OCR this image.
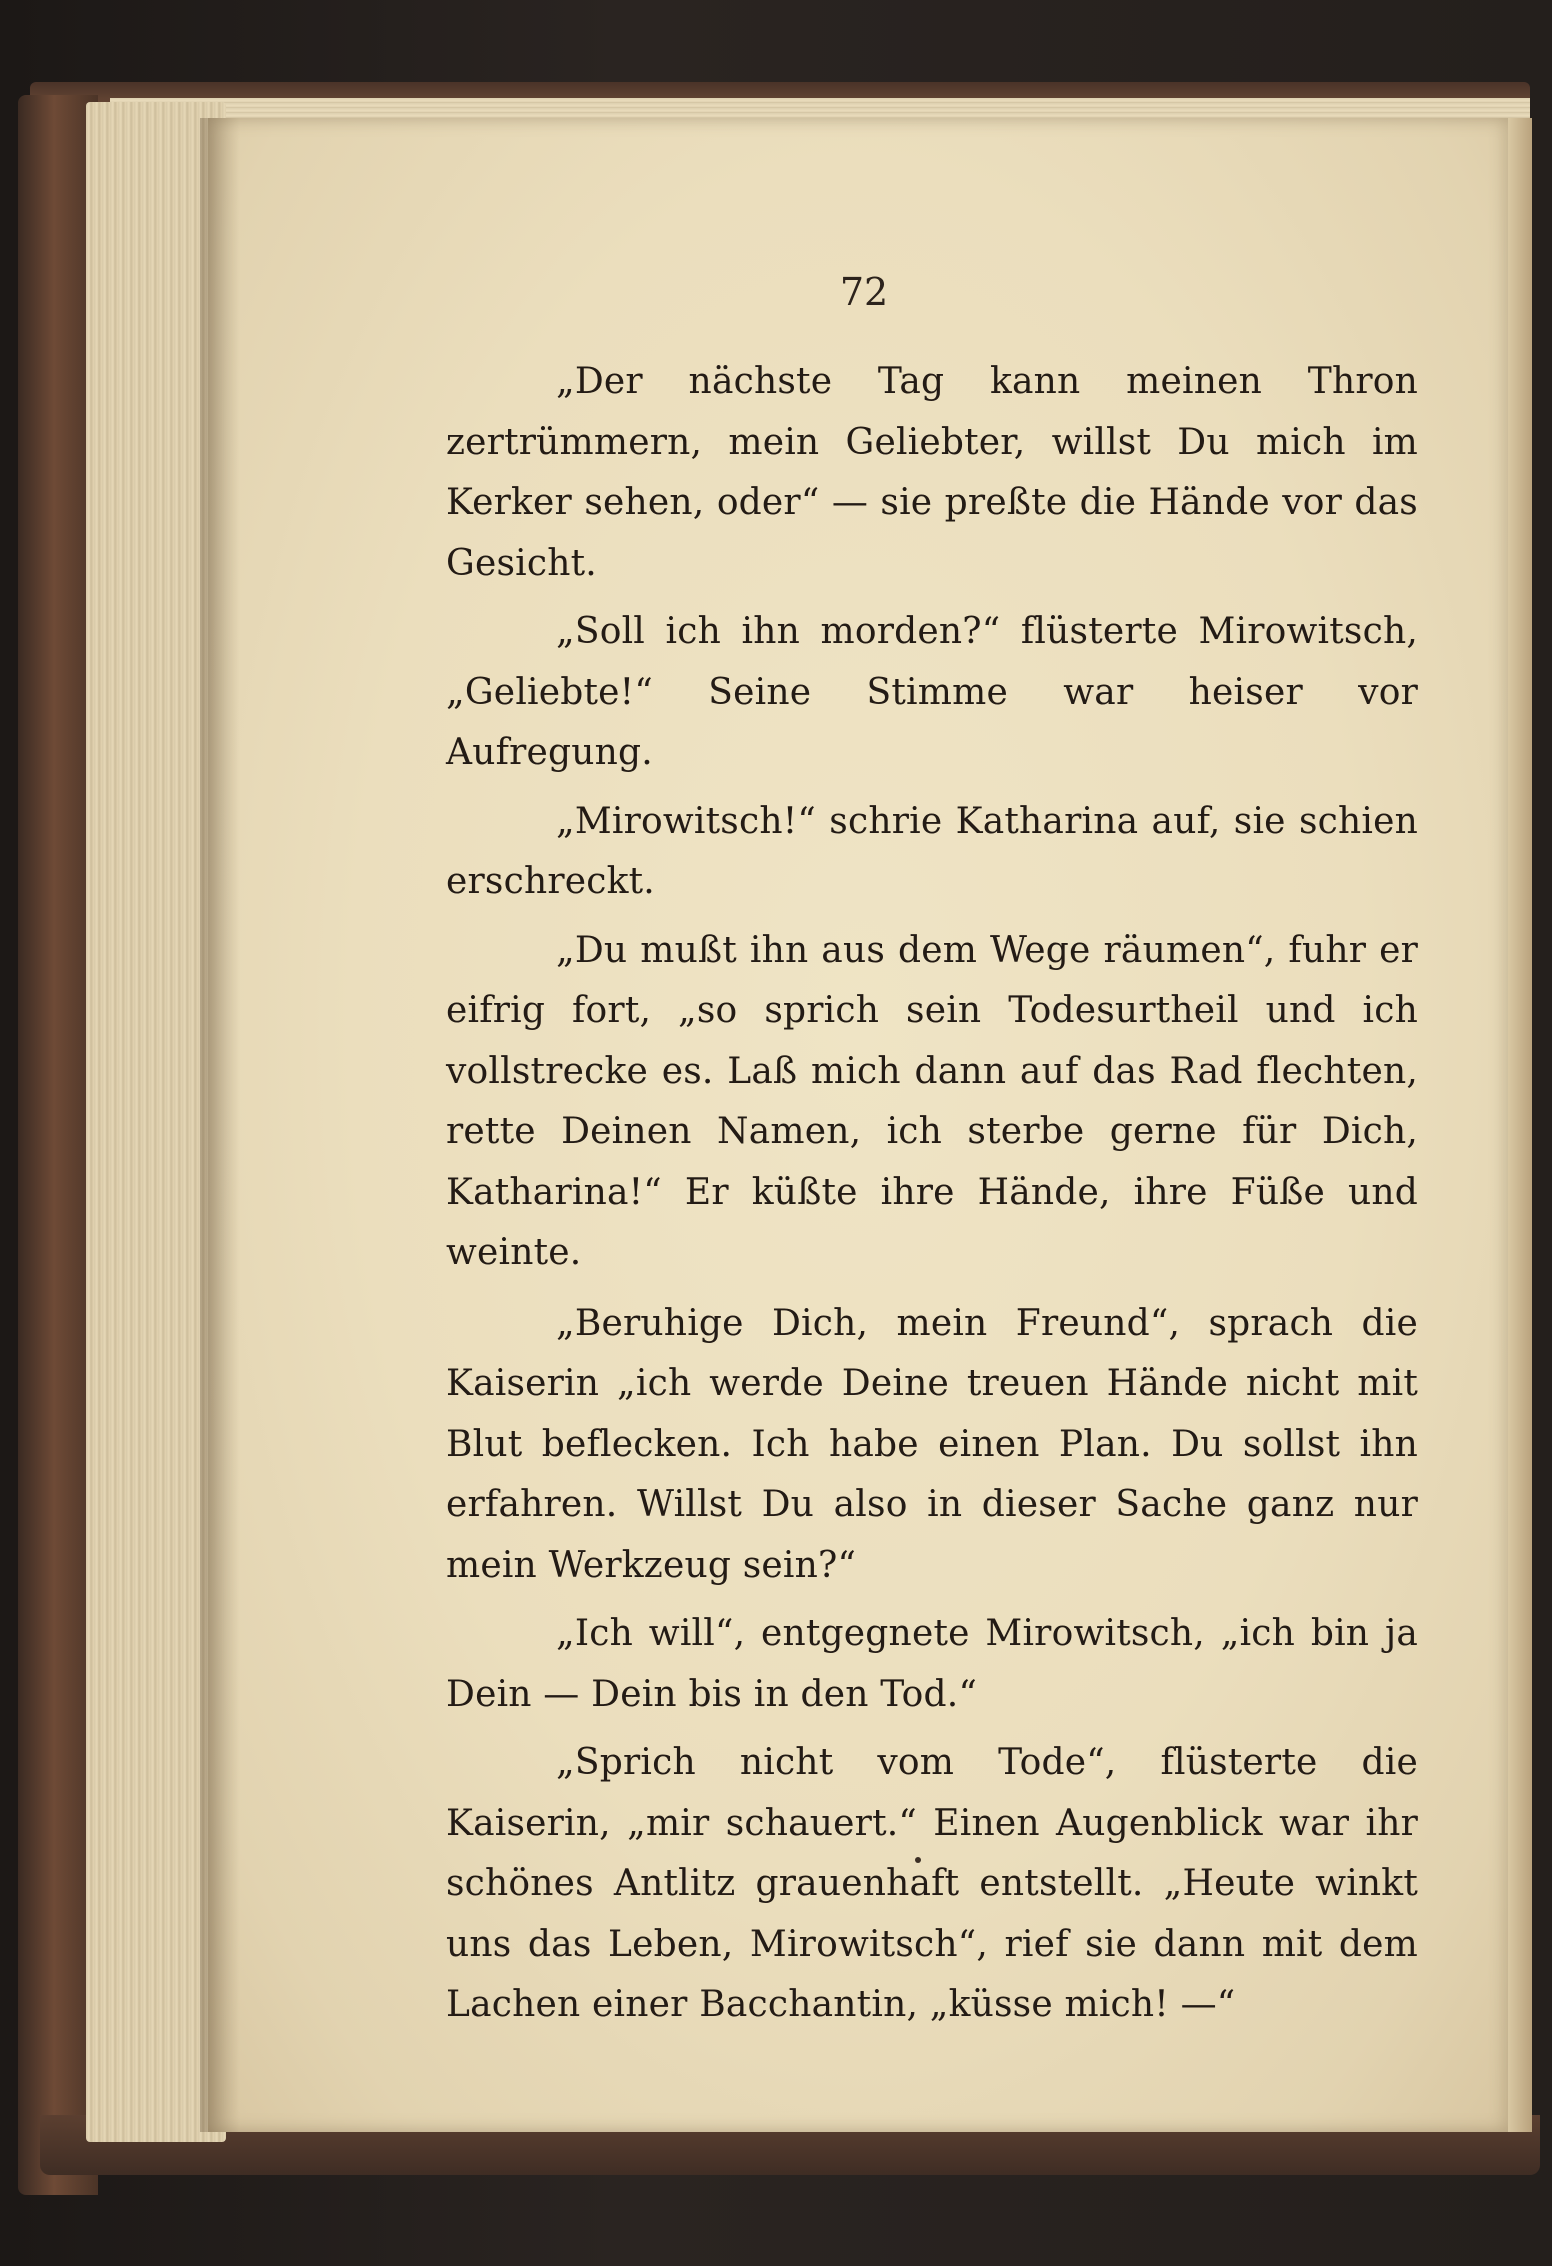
72

„Der nächste Tag kann meinen Thron zertrümmern, mein Geliebter, willst Du mich im Kerker sehen, oder“ — sie preßte die Hände vor das Gesicht.

„Soll ich ihn morden?“ flüsterte Mirowitsch, „Geliebte!“ Seine Stimme war heiser vor Aufregung.

„Mirowitsch!“ schrie Katharina auf, sie schien erschreckt.

„Du mußt ihn aus dem Wege räumen“, fuhr er eifrig fort, „so sprich sein Todesurtheil und ich vollstrecke es. Laß mich dann auf das Rad flechten, rette Deinen Namen, ich sterbe gerne für Dich, Katharina!“ Er küßte ihre Hände, ihre Füße und weinte.

„Beruhige Dich, mein Freund“, sprach die Kaiserin „ich werde Deine treuen Hände nicht mit Blut beflecken. Ich habe einen Plan. Du sollst ihn erfahren. Willst Du also in dieser Sache ganz nur mein Werkzeug sein?“

„Ich will“, entgegnete Mirowitsch, „ich bin ja Dein — Dein bis in den Tod.“

„Sprich nicht vom Tode“, flüsterte die Kaiserin, „mir schauert.“ Einen Augenblick war ihr schönes Antlitz grauenhaft entstellt. „Heute winkt uns das Leben, Mirowitsch“, rief sie dann mit dem Lachen einer Bacchantin, „küsse mich! —“
